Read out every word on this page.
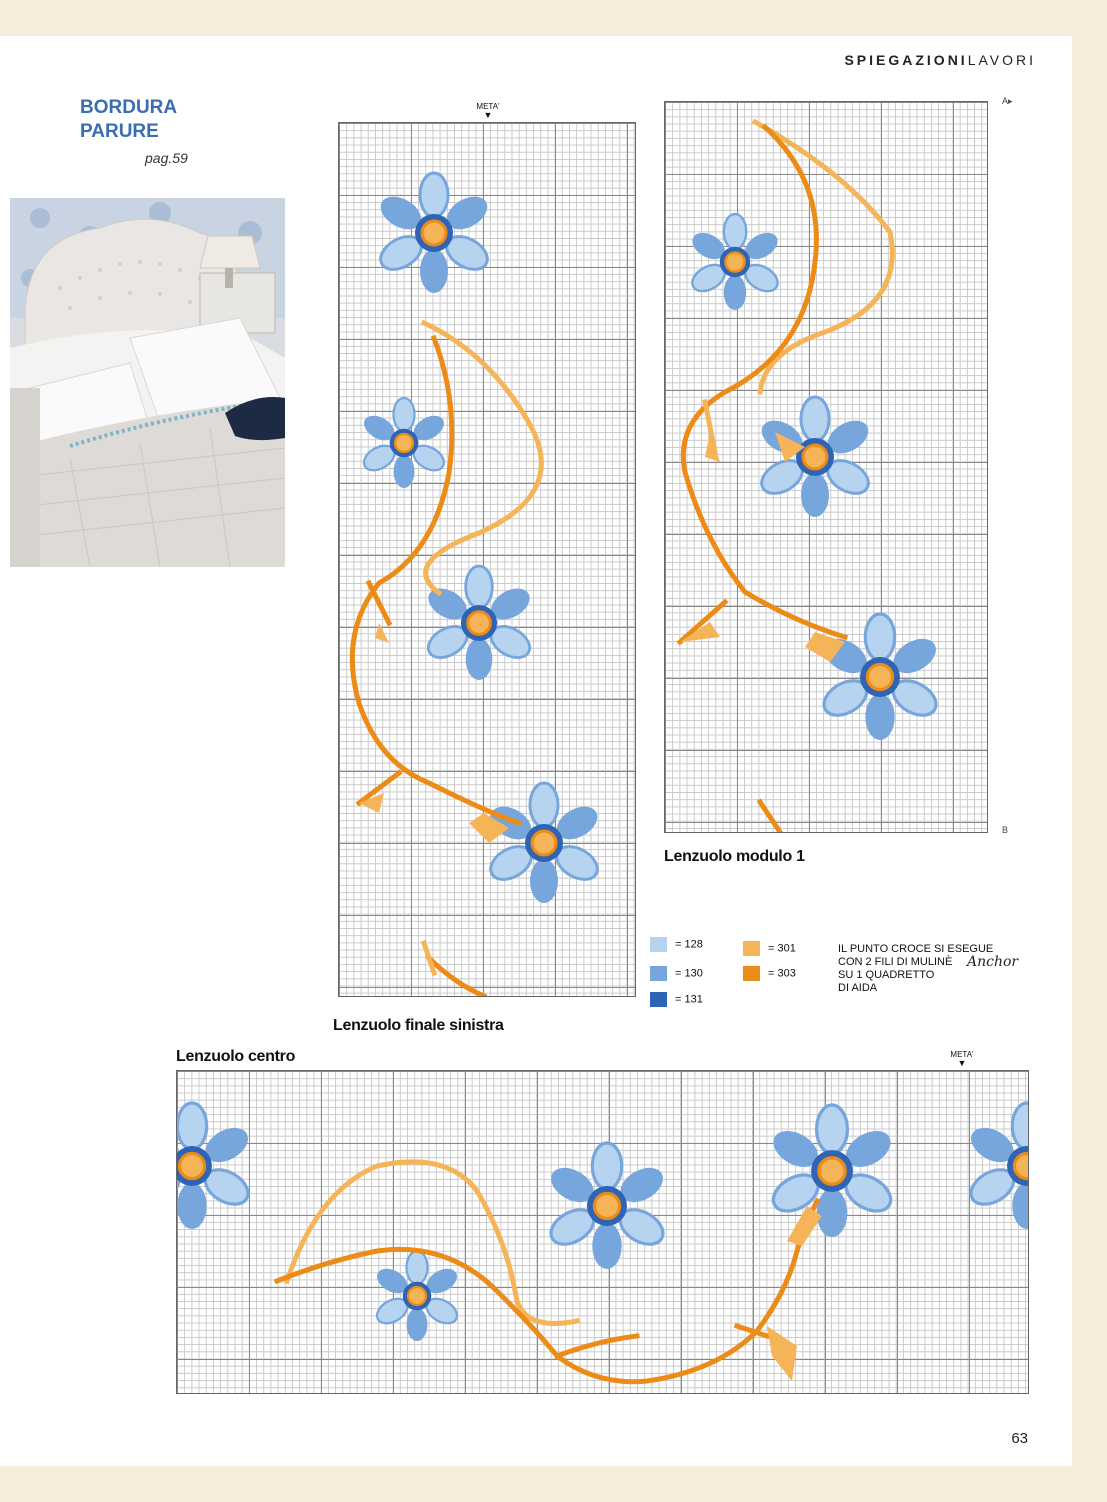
SPIEGAZIONILAVORI
BORDURA
PARURE
pag.59
META'
▼
Lenzuolo finale sinistra
A▸
B
Lenzuolo modulo 1
= 128
= 130
= 131
= 301
= 303
IL PUNTO CROCE SI ESEGUE
CON 2 FILI DI MULINÈ
SU 1 QUADRETTO
DI AIDA
Anchor
Lenzuolo centro	META'
▼
63
